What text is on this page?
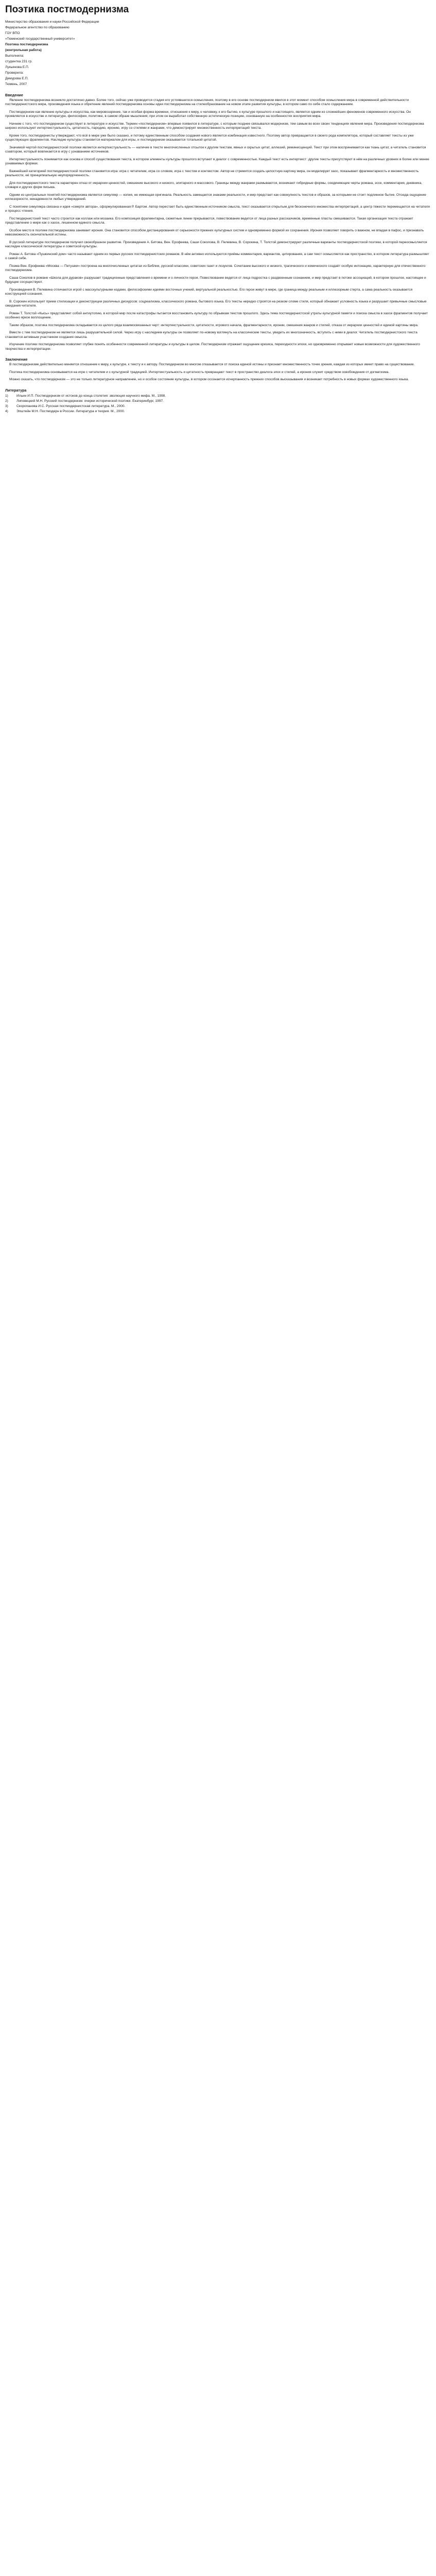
Поэтика постмодернизма

Министерство образования и науки Российской Федерации

Федеральное агентство по образованию

ГОУ ВПО

«Тюменский государственный университет»

Поэтика постмодернизма

(контрольная работа)

Выполнила:

студентка 231 гр.

Лукьянова Е.П.

Проверила:

Демурова Е.П.

Тюмень, 2007

Введение

Явление постмодернизма возникло достаточно давно. Более того, сейчас уже проводится стадия его устоявшегося осмысления, поэтому в его основе постмодернизм явился в этот момент способом осмысления мира в современной действительности постмодернистского мира, произведения языка и обретение явлений постмодернизма основы идеи постмодернизма на стилеобразование на новом этапе развития культуры, в котором само по себе стало содержанием.

Постмодернизм как явление культуры и искусства, как мировоззрение, так и особая форма времени, отношения к миру, к человеку, к его бытию, к культуре прошлого и настоящего, является одним из сложнейших феноменов современного искусства. Он проявляется в искусстве и литературе, философии, политике, в самом образе мышления; при этом он выработал собственную эстетическую позицию, основанную на особенностях восприятия мира.

Начнем с того, что постмодернизм существует в литературе и искусстве. Термин «постмодернизм» впервые появился в литературе, с которым позднее связывался модернизм, тем самым во всех своих тенденциях явления мира. Произведения постмодернизма широко используют интертекстуальность, цитатность, пародию, иронию, игру со стилями и жанрами, что демонстрирует множественность интерпретаций текста.

Кроме того, постмодернисты утверждают, что всё в мире уже было сказано, и потому единственным способом создания нового является комбинация известного. Поэтому автор превращается в своего рода компилятора, который составляет тексты из уже существующих фрагментов. Наследие культуры становится материалом для игры, и постмодернизм оказывается тотальной цитатой.

Значимой чертой постмодернистской поэтики является интертекстуальность — наличие в тексте многочисленных отсылок к другим текстам, явных и скрытых цитат, аллюзий, реминисценций. Текст при этом воспринимается как ткань цитат, а читатель становится соавтором, который вовлекается в игру с узнаванием источников.

Интертекстуальность понимается как основа и способ существования текста, в котором элементы культуры прошлого вступают в диалог с современностью. Каждый текст есть интертекст: другие тексты присутствуют в нём на различных уровнях в более или менее узнаваемых формах.

Важнейшей категорией постмодернистской поэтики становится игра: игра с читателем, игра со словом, игра с текстом и контекстом. Автор не стремится создать целостную картину мира, он моделирует хаос, показывает фрагментарность и множественность реальности, её принципиальную неупорядоченность.

Для постмодернистского текста характерен отказ от иерархии ценностей, смешение высокого и низкого, элитарного и массового. Границы между жанрами размываются, возникают гибридные формы, соединяющие черты романа, эссе, комментария, дневника, словаря и других форм письма.

Одним из центральных понятий постмодернизма является симулякр — копия, не имеющая оригинала. Реальность замещается знаками реальности, и мир предстает как совокупность текстов и образов, за которыми не стоит подлинное бытие. Отсюда ощущение иллюзорности, ненадежности любых утверждений.

С понятием симулякра связана и идея «смерти автора», сформулированная Р. Бартом. Автор перестает быть единственным источником смысла, текст оказывается открытым для бесконечного множества интерпретаций, а центр тяжести перемещается на читателя и процесс чтения.

Постмодернистский текст часто строится как коллаж или мозаика. Его композиция фрагментарна, сюжетные линии прерываются, повествование ведется от лица разных рассказчиков, временные пласты смешиваются. Такая организация текста отражает представление о мире как о хаосе, лишенном единого смысла.

Особое место в поэтике постмодернизма занимает ирония. Она становится способом дистанцирования от серьезности прежних культурных систем и одновременно формой их сохранения. Ирония позволяет говорить о важном, не впадая в пафос, и признавать невозможность окончательной истины.

В русской литературе постмодернизм получил своеобразное развитие. Произведения А. Битова, Вен. Ерофеева, Саши Соколова, В. Пелевина, В. Сорокина, Т. Толстой демонстрируют различные варианты постмодернистской поэтики, в которой переосмысляется наследие классической литературы и советской культуры.

Роман А. Битова «Пушкинский дом» часто называют одним из первых русских постмодернистских романов. В нём активно используются приёмы комментария, вариантов, цитирования, а сам текст осмысляется как пространство, в котором литература размышляет о самой себе.

Поэма Вен. Ерофеева «Москва — Петушки» построена на многочисленных цитатах из Библии, русской классики, советских газет и лозунгов. Сочетание высокого и низкого, трагического и комического создаёт особую интонацию, характерную для отечественного постмодернизма.

Саша Соколов в романе «Школа для дураков» разрушает традиционные представления о времени и о личности героя. Повествование ведется от лица подростка с раздвоенным сознанием, и мир предстает в потоке ассоциаций, в котором прошлое, настоящее и будущее сосуществуют.

Произведения В. Пелевина отличаются игрой с масскультурными кодами, философскими идеями восточных учений, виртуальной реальностью. Его герои живут в мире, где граница между реальным и иллюзорным стерта, а сама реальность оказывается конструкцией сознания.

В. Сорокин использует прием стилизации и деконструкции различных дискурсов: соцреализма, классического романа, бытового языка. Его тексты нередко строятся на резком сломе стиля, который обнажает условность языка и разрушает привычные смысловые ожидания читателя.

Роман Т. Толстой «Кысь» представляет собой антиутопию, в которой мир после катастрофы пытается восстановить культуру по обрывкам текстов прошлого. Здесь тема постмодернистской утраты культурной памяти и поиска смысла в хаосе фрагментов получает особенно яркое воплощение.

Таким образом, поэтика постмодернизма складывается из целого ряда взаимосвязанных черт: интертекстуальности, цитатности, игрового начала, фрагментарности, иронии, смешения жанров и стилей, отказа от иерархии ценностей и единой картины мира.

Вместе с тем постмодернизм не является лишь разрушительной силой. Через игру с наследием культуры он позволяет по-новому взглянуть на классические тексты, увидеть их многозначность, вступить с ними в диалог. Читатель постмодернистского текста становится активным участником создания смысла.

Изучение поэтики постмодернизма позволяет глубже понять особенности современной литературы и культуры в целом. Постмодернизм отражает ощущение кризиса, переходности эпохи, но одновременно открывает новые возможности для художественного творчества и интерпретации.

Заключение

В постмодернизме действительно меняется отношение к миру, к культуре, к тексту и к автору. Постмодернизм во многом отказывается от поиска единой истины и признает множественность точек зрения, каждая из которых имеет право на существование.

Поэтика постмодернизма основывается на игре с читателем и с культурной традицией. Интертекстуальность и цитатность превращают текст в пространство диалога эпох и стилей, а ирония служит средством освобождения от догматизма.

Можно сказать, что постмодернизм — это не только литературное направление, но и особое состояние культуры, в котором осознается исчерпанность прежних способов высказывания и возникает потребность в новых формах художественного языка.

Литература
1)	Ильин И.П. Постмодернизм от истоков до конца столетия: эволюция научного мифа. М., 1998.
2)	Липовецкий М.Н. Русский постмодернизм: очерки исторической поэтики. Екатеринбург, 1997.
3)	Скоропанова И.С. Русская постмодернистская литература. М., 2000.
4)	Эпштейн М.Н. Постмодерн в России. Литература и теория. М., 2000.
